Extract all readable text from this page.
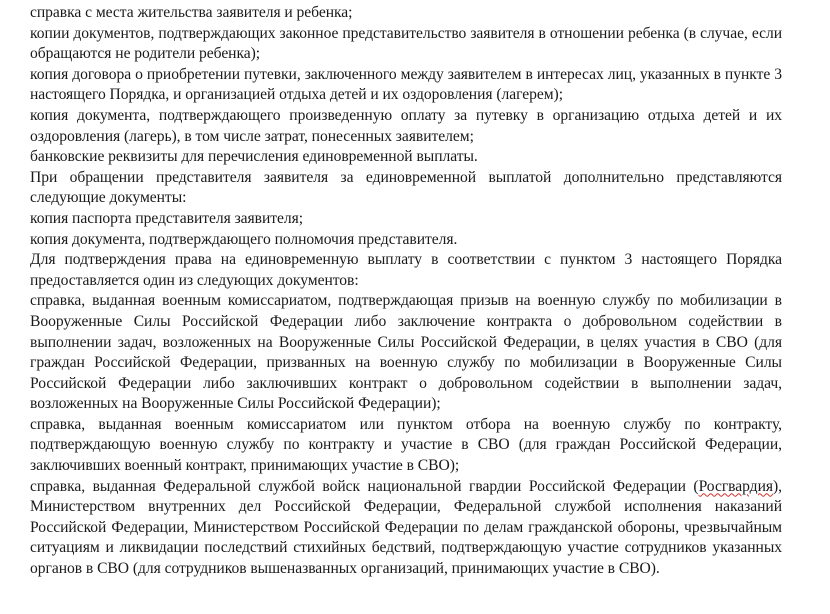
справка с места жительства заявителя и ребенка;

копии документов, подтверждающих законное представительство заявителя в отношении ребенка (в случае, если обращаются не родители ребенка);

копия договора о приобретении путевки, заключенного между заявителем в интересах лиц, указанных в пункте 3 настоящего Порядка, и организацией отдыха детей и их оздоровления (лагерем);

копия документа, подтверждающего произведенную оплату за путевку в организацию отдыха детей и их оздоровления (лагерь), в том числе затрат, понесенных заявителем;

банковские реквизиты для перечисления единовременной выплаты.

При обращении представителя заявителя за единовременной выплатой дополнительно представляются следующие документы:

копия паспорта представителя заявителя;

копия документа, подтверждающего полномочия представителя.

Для подтверждения права на единовременную выплату в соответствии с пунктом 3 настоящего Порядка предоставляется один из следующих документов:

справка, выданная военным комиссариатом, подтверждающая призыв на военную службу по мобилизации в Вооруженные Силы Российской Федерации либо заключение контракта о добровольном содействии в выполнении задач, возложенных на Вооруженные Силы Российской Федерации, в целях участия в СВО (для граждан Российской Федерации, призванных на военную службу по мобилизации в Вооруженные Силы Российской Федерации либо заключивших контракт о добровольном содействии в выполнении задач, возложенных на Вооруженные Силы Российской Федерации);

справка, выданная военным комиссариатом или пунктом отбора на военную службу по контракту, подтверждающую военную службу по контракту и участие в СВО (для граждан Российской Федерации, заключивших военный контракт, принимающих участие в СВО);

справка, выданная Федеральной службой войск национальной гвардии Российской Федерации (Росгвардия), Министерством внутренних дел Российской Федерации, Федеральной службой исполнения наказаний Российской Федерации, Министерством Российской Федерации по делам гражданской обороны, чрезвычайным ситуациям и ликвидации последствий стихийных бедствий, подтверждающую участие сотрудников указанных органов в СВО (для сотрудников вышеназванных организаций, принимающих участие в СВО).
